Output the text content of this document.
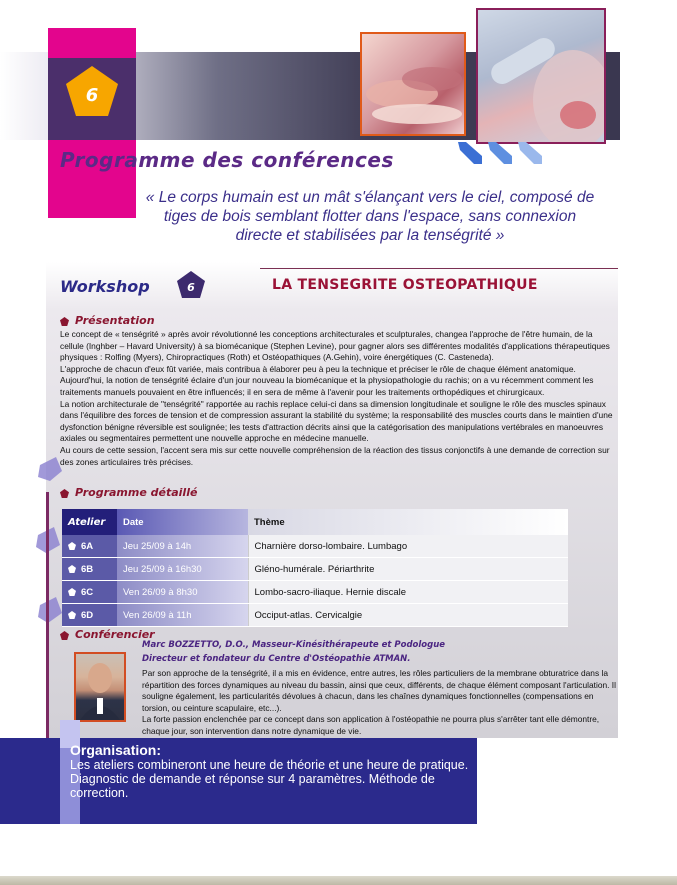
6
Programme des conférences
« Le corps humain est un mât s'élançant vers le ciel, composé de tiges de bois semblant flotter dans l'espace, sans connexion directe et stabilisées par la tenségrité »
Workshop	6	LA TENSEGRITE OSTEOPATHIQUE
Présentation

Le concept de « tenségrité » après avoir révolutionné les conceptions architecturales et sculpturales, changea l'approche de l'être humain, de la cellule (Inghber – Havard University) à sa biomécanique (Stephen Levine), pour gagner alors ses différentes modalités d'applications thérapeutiques physiques : Rolfing (Myers), Chiropractiques (Roth) et Ostéopathiques (A.Gehin), voire énergétiques (C. Casteneda).

L'approche de chacun d'eux fût variée, mais contribua à élaborer peu à peu la technique et préciser le rôle de chaque élément anatomique.

Aujourd'hui, la notion de tenségrité éclaire d'un jour nouveau la biomécanique et la physiopathologie du rachis; on a vu récemment comment les traitements manuels pouvaient en être influencés; il en sera de même à l'avenir pour les traitements orthopédiques et chirurgicaux.

La notion architecturale de "tenségrité" rapportée au rachis replace celui-ci dans sa dimension longitudinale et souligne le rôle des muscles spinaux dans l'équilibre des forces de tension et de compression assurant la stabilité du système; la responsabilité des muscles courts dans le maintien d'une dysfonction bénigne réversible est soulignée; les tests d'attraction décrits ainsi que la catégorisation des manipulations vertébrales en manoeuvres axiales ou segmentaires permettent une nouvelle approche en médecine manuelle.

Au cours de cette session, l'accent sera mis sur cette nouvelle compréhension de la réaction des tissus conjonctifs à une demande de correction sur des zones articulaires très précises.

Programme détaillé
Atelier	Date	Thème
6A	Jeu 25/09 à 14h	Charnière dorso-lombaire. Lumbago
6B	Jeu 25/09 à 16h30	Gléno-humérale. Périarthrite
6C	Ven 26/09 à 8h30	Lombo-sacro-iliaque. Hernie discale
6D	Ven 26/09 à 11h	Occiput-atlas. Cervicalgie
Conférencier
Marc BOZZETTO, D.O., Masseur-Kinésithérapeute et Podologue
Directeur et fondateur du Centre d'Ostéopathie ATMAN.

Par son approche de la tenségrité, il a mis en évidence, entre autres, les rôles particuliers de la membrane obturatrice dans la répartition des forces dynamiques au niveau du bassin, ainsi que ceux, différents, de chaque élément composant l'articulation. Il souligne également, les particularités dévolues à chacun, dans les chaînes dynamiques fonctionnelles (compensations en torsion, ou ceinture scapulaire, etc...).

La forte passion enclenchée par ce concept dans son application à l'ostéopathie ne pourra plus s'arrêter tant elle démontre, chaque jour, son intervention dans notre dynamique de vie.

Organisation:
Les ateliers combineront une heure de théorie et une heure de pratique. Diagnostic de demande et réponse sur 4 paramètres. Méthode de correction.
